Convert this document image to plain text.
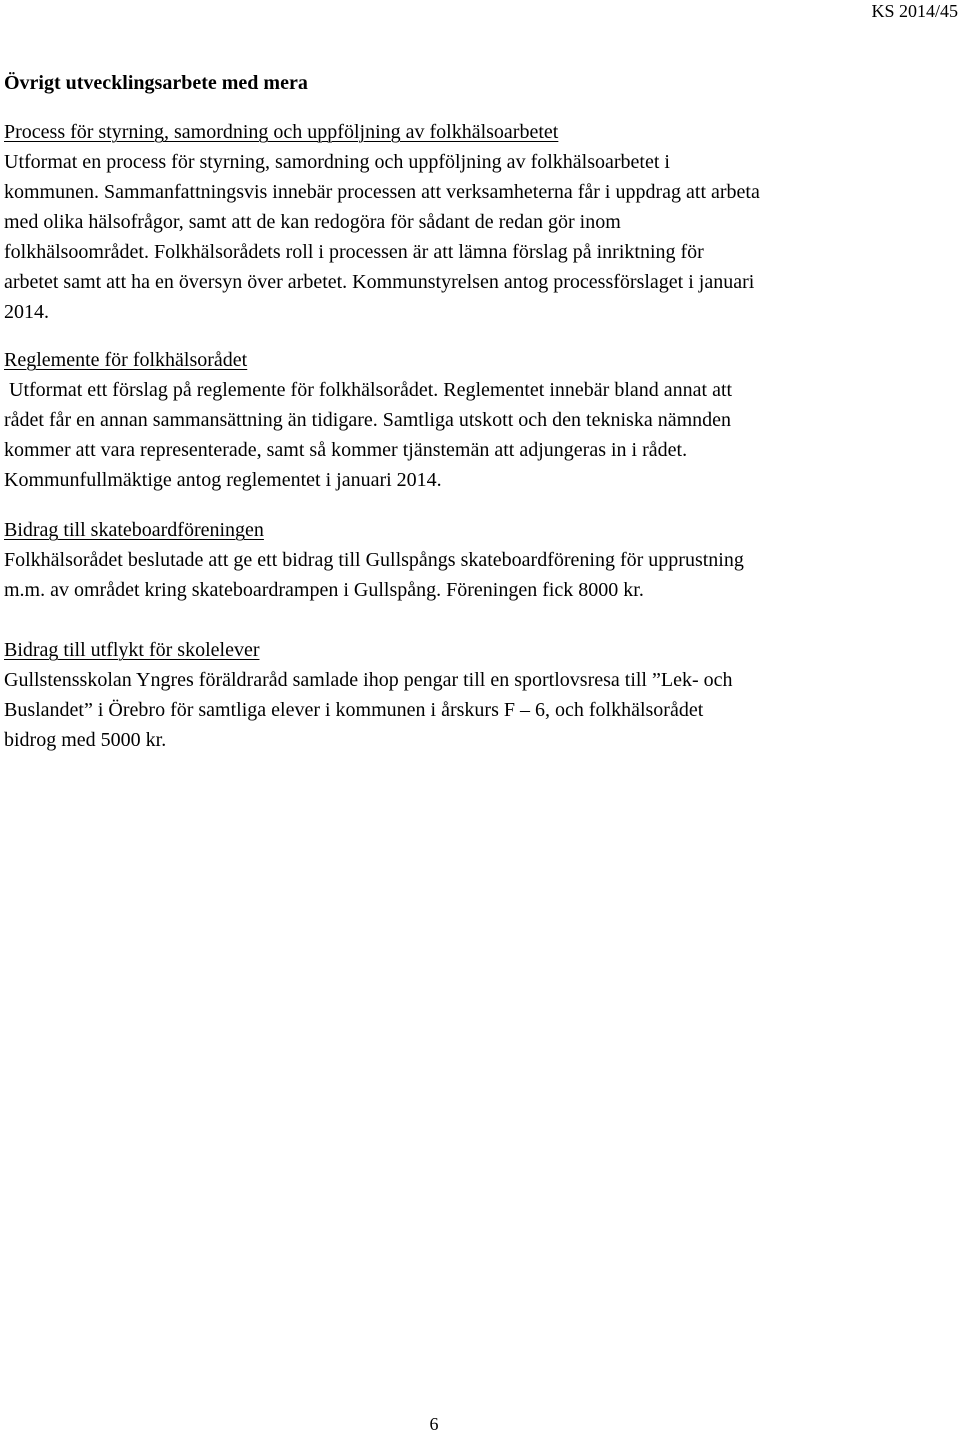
KS 2014/45
Övrigt utvecklingsarbete med mera
Process för styrning, samordning och uppföljning av folkhälsoarbetet
Utformat en process för styrning, samordning och uppföljning av folkhälsoarbetet i
kommunen. Sammanfattningsvis innebär processen att verksamheterna får i uppdrag att arbeta
med olika hälsofrågor, samt att de kan redogöra för sådant de redan gör inom
folkhälsoområdet. Folkhälsorådets roll i processen är att lämna förslag på inriktning för
arbetet samt att ha en översyn över arbetet. Kommunstyrelsen antog processförslaget i januari
2014.
Reglemente för folkhälsorådet
Utformat ett förslag på reglemente för folkhälsorådet. Reglementet innebär bland annat att
rådet får en annan sammansättning än tidigare. Samtliga utskott och den tekniska nämnden
kommer att vara representerade, samt så kommer tjänstemän att adjungeras in i rådet.
Kommunfullmäktige antog reglementet i januari 2014.
Bidrag till skateboardföreningen
Folkhälsorådet beslutade att ge ett bidrag till Gullspångs skateboardförening för upprustning
m.m. av området kring skateboardrampen i Gullspång. Föreningen fick 8000 kr.
Bidrag till utflykt för skolelever
Gullstensskolan Yngres föräldraråd samlade ihop pengar till en sportlovsresa till ”Lek- och
Buslandet” i Örebro för samtliga elever i kommunen i årskurs F – 6, och folkhälsorådet
bidrog med 5000 kr.
6
